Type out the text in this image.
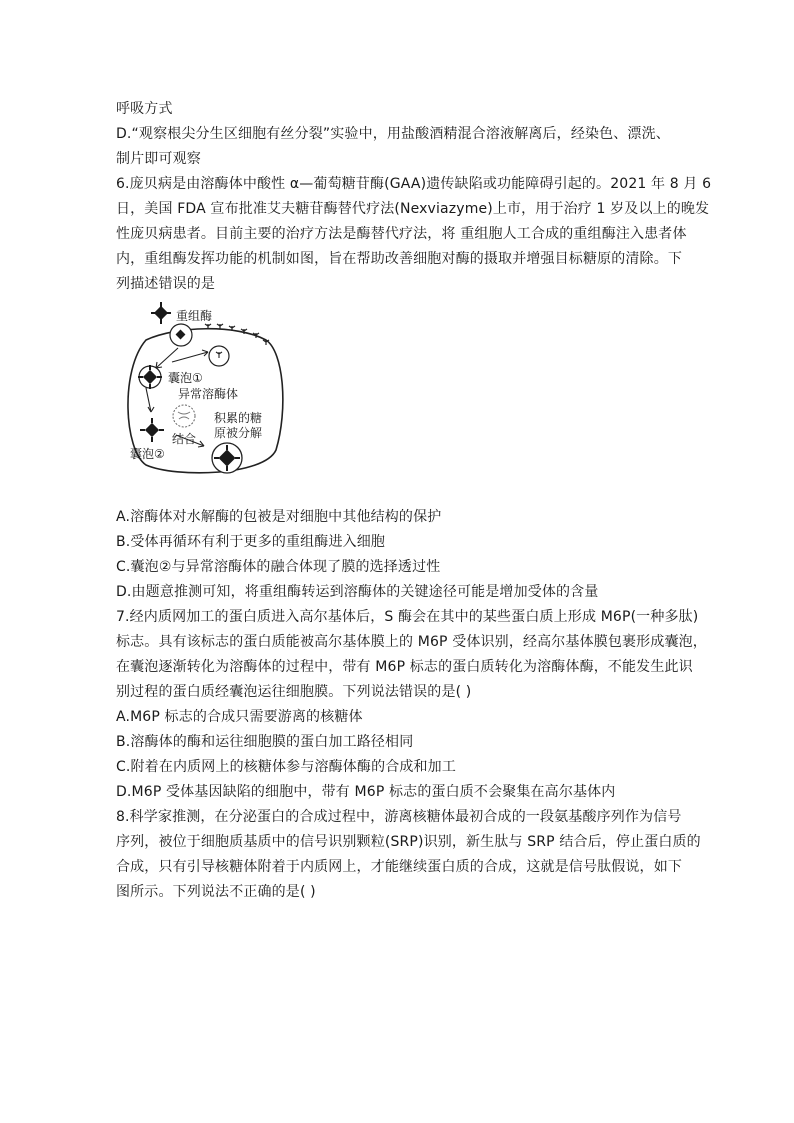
呼吸方式
D.“观察根尖分生区细胞有丝分裂”实验中，用盐酸酒精混合溶液解离后，经染色、漂洗、
制片即可观察
6.庞贝病是由溶酶体中酸性 α—葡萄糖苷酶(GAA)遗传缺陷或功能障碍引起的。2021 年 8 月 6
日，美国 FDA 宣布批准艾夫糖苷酶替代疗法(Nexviazyme)上市，用于治疗 1 岁及以上的晚发
性庞贝病患者。目前主要的治疗方法是酶替代疗法，将 重组胞人工合成的重组酶注入患者体
内，重组酶发挥功能的机制如图，旨在帮助改善细胞对酶的摄取并增强目标糖原的清除。下
列描述错误的是
重组酶
囊泡①
异常溶酶体
结合
囊泡②
积累的糖
原被分解
A.溶酶体对水解酶的包被是对细胞中其他结构的保护
B.受体再循环有利于更多的重组酶进入细胞
C.囊泡②与异常溶酶体的融合体现了膜的选择透过性
D.由题意推测可知，将重组酶转运到溶酶体的关键途径可能是增加受体的含量
7.经内质网加工的蛋白质进入高尔基体后，S 酶会在其中的某些蛋白质上形成 M6P(一种多肽)
标志。具有该标志的蛋白质能被高尔基体膜上的 M6P 受体识别，经高尔基体膜包裹形成囊泡，
在囊泡逐渐转化为溶酶体的过程中，带有 M6P 标志的蛋白质转化为溶酶体酶，不能发生此识
别过程的蛋白质经囊泡运往细胞膜。下列说法错误的是( )
A.M6P 标志的合成只需要游离的核糖体
B.溶酶体的酶和运往细胞膜的蛋白加工路径相同
C.附着在内质网上的核糖体参与溶酶体酶的合成和加工
D.M6P 受体基因缺陷的细胞中，带有 M6P 标志的蛋白质不会聚集在高尔基体内
8.科学家推测，在分泌蛋白的合成过程中，游离核糖体最初合成的一段氨基酸序列作为信号
序列，被位于细胞质基质中的信号识别颗粒(SRP)识别，新生肽与 SRP 结合后，停止蛋白质的
合成，只有引导核糖体附着于内质网上，才能继续蛋白质的合成，这就是信号肽假说，如下
图所示。下列说法不正确的是( )
